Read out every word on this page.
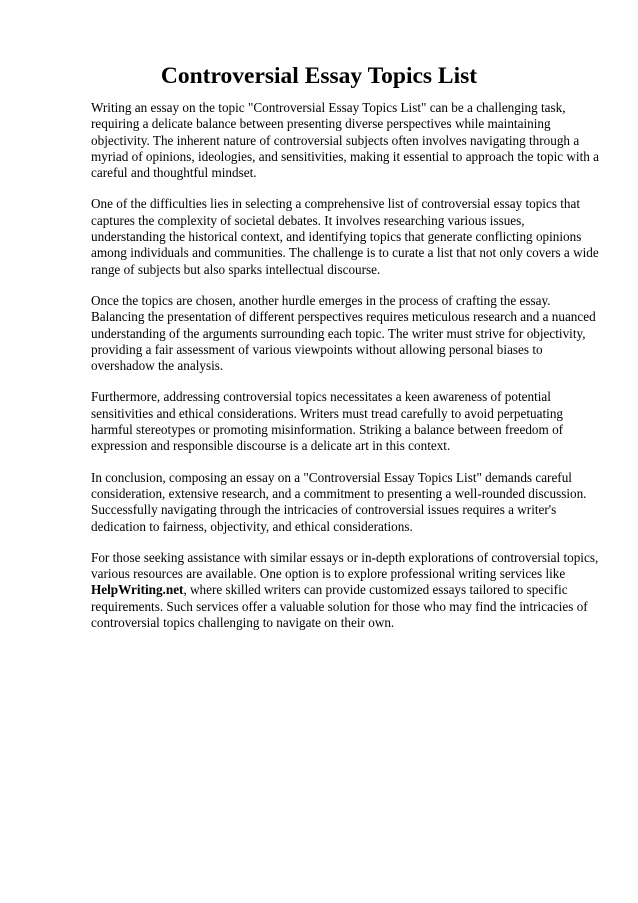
Controversial Essay Topics List

Writing an essay on the topic "Controversial Essay Topics List" can be a challenging task, requiring a delicate balance between presenting diverse perspectives while maintaining objectivity. The inherent nature of controversial subjects often involves navigating through a myriad of opinions, ideologies, and sensitivities, making it essential to approach the topic with a careful and thoughtful mindset.

One of the difficulties lies in selecting a comprehensive list of controversial essay topics that captures the complexity of societal debates. It involves researching various issues, understanding the historical context, and identifying topics that generate conflicting opinions among individuals and communities. The challenge is to curate a list that not only covers a wide range of subjects but also sparks intellectual discourse.

Once the topics are chosen, another hurdle emerges in the process of crafting the essay. Balancing the presentation of different perspectives requires meticulous research and a nuanced understanding of the arguments surrounding each topic. The writer must strive for objectivity, providing a fair assessment of various viewpoints without allowing personal biases to overshadow the analysis.

Furthermore, addressing controversial topics necessitates a keen awareness of potential sensitivities and ethical considerations. Writers must tread carefully to avoid perpetuating harmful stereotypes or promoting misinformation. Striking a balance between freedom of expression and responsible discourse is a delicate art in this context.

In conclusion, composing an essay on a "Controversial Essay Topics List" demands careful consideration, extensive research, and a commitment to presenting a well-rounded discussion. Successfully navigating through the intricacies of controversial issues requires a writer's dedication to fairness, objectivity, and ethical considerations.

For those seeking assistance with similar essays or in-depth explorations of controversial topics, various resources are available. One option is to explore professional writing services like HelpWriting.net, where skilled writers can provide customized essays tailored to specific requirements. Such services offer a valuable solution for those who may find the intricacies of controversial topics challenging to navigate on their own.
